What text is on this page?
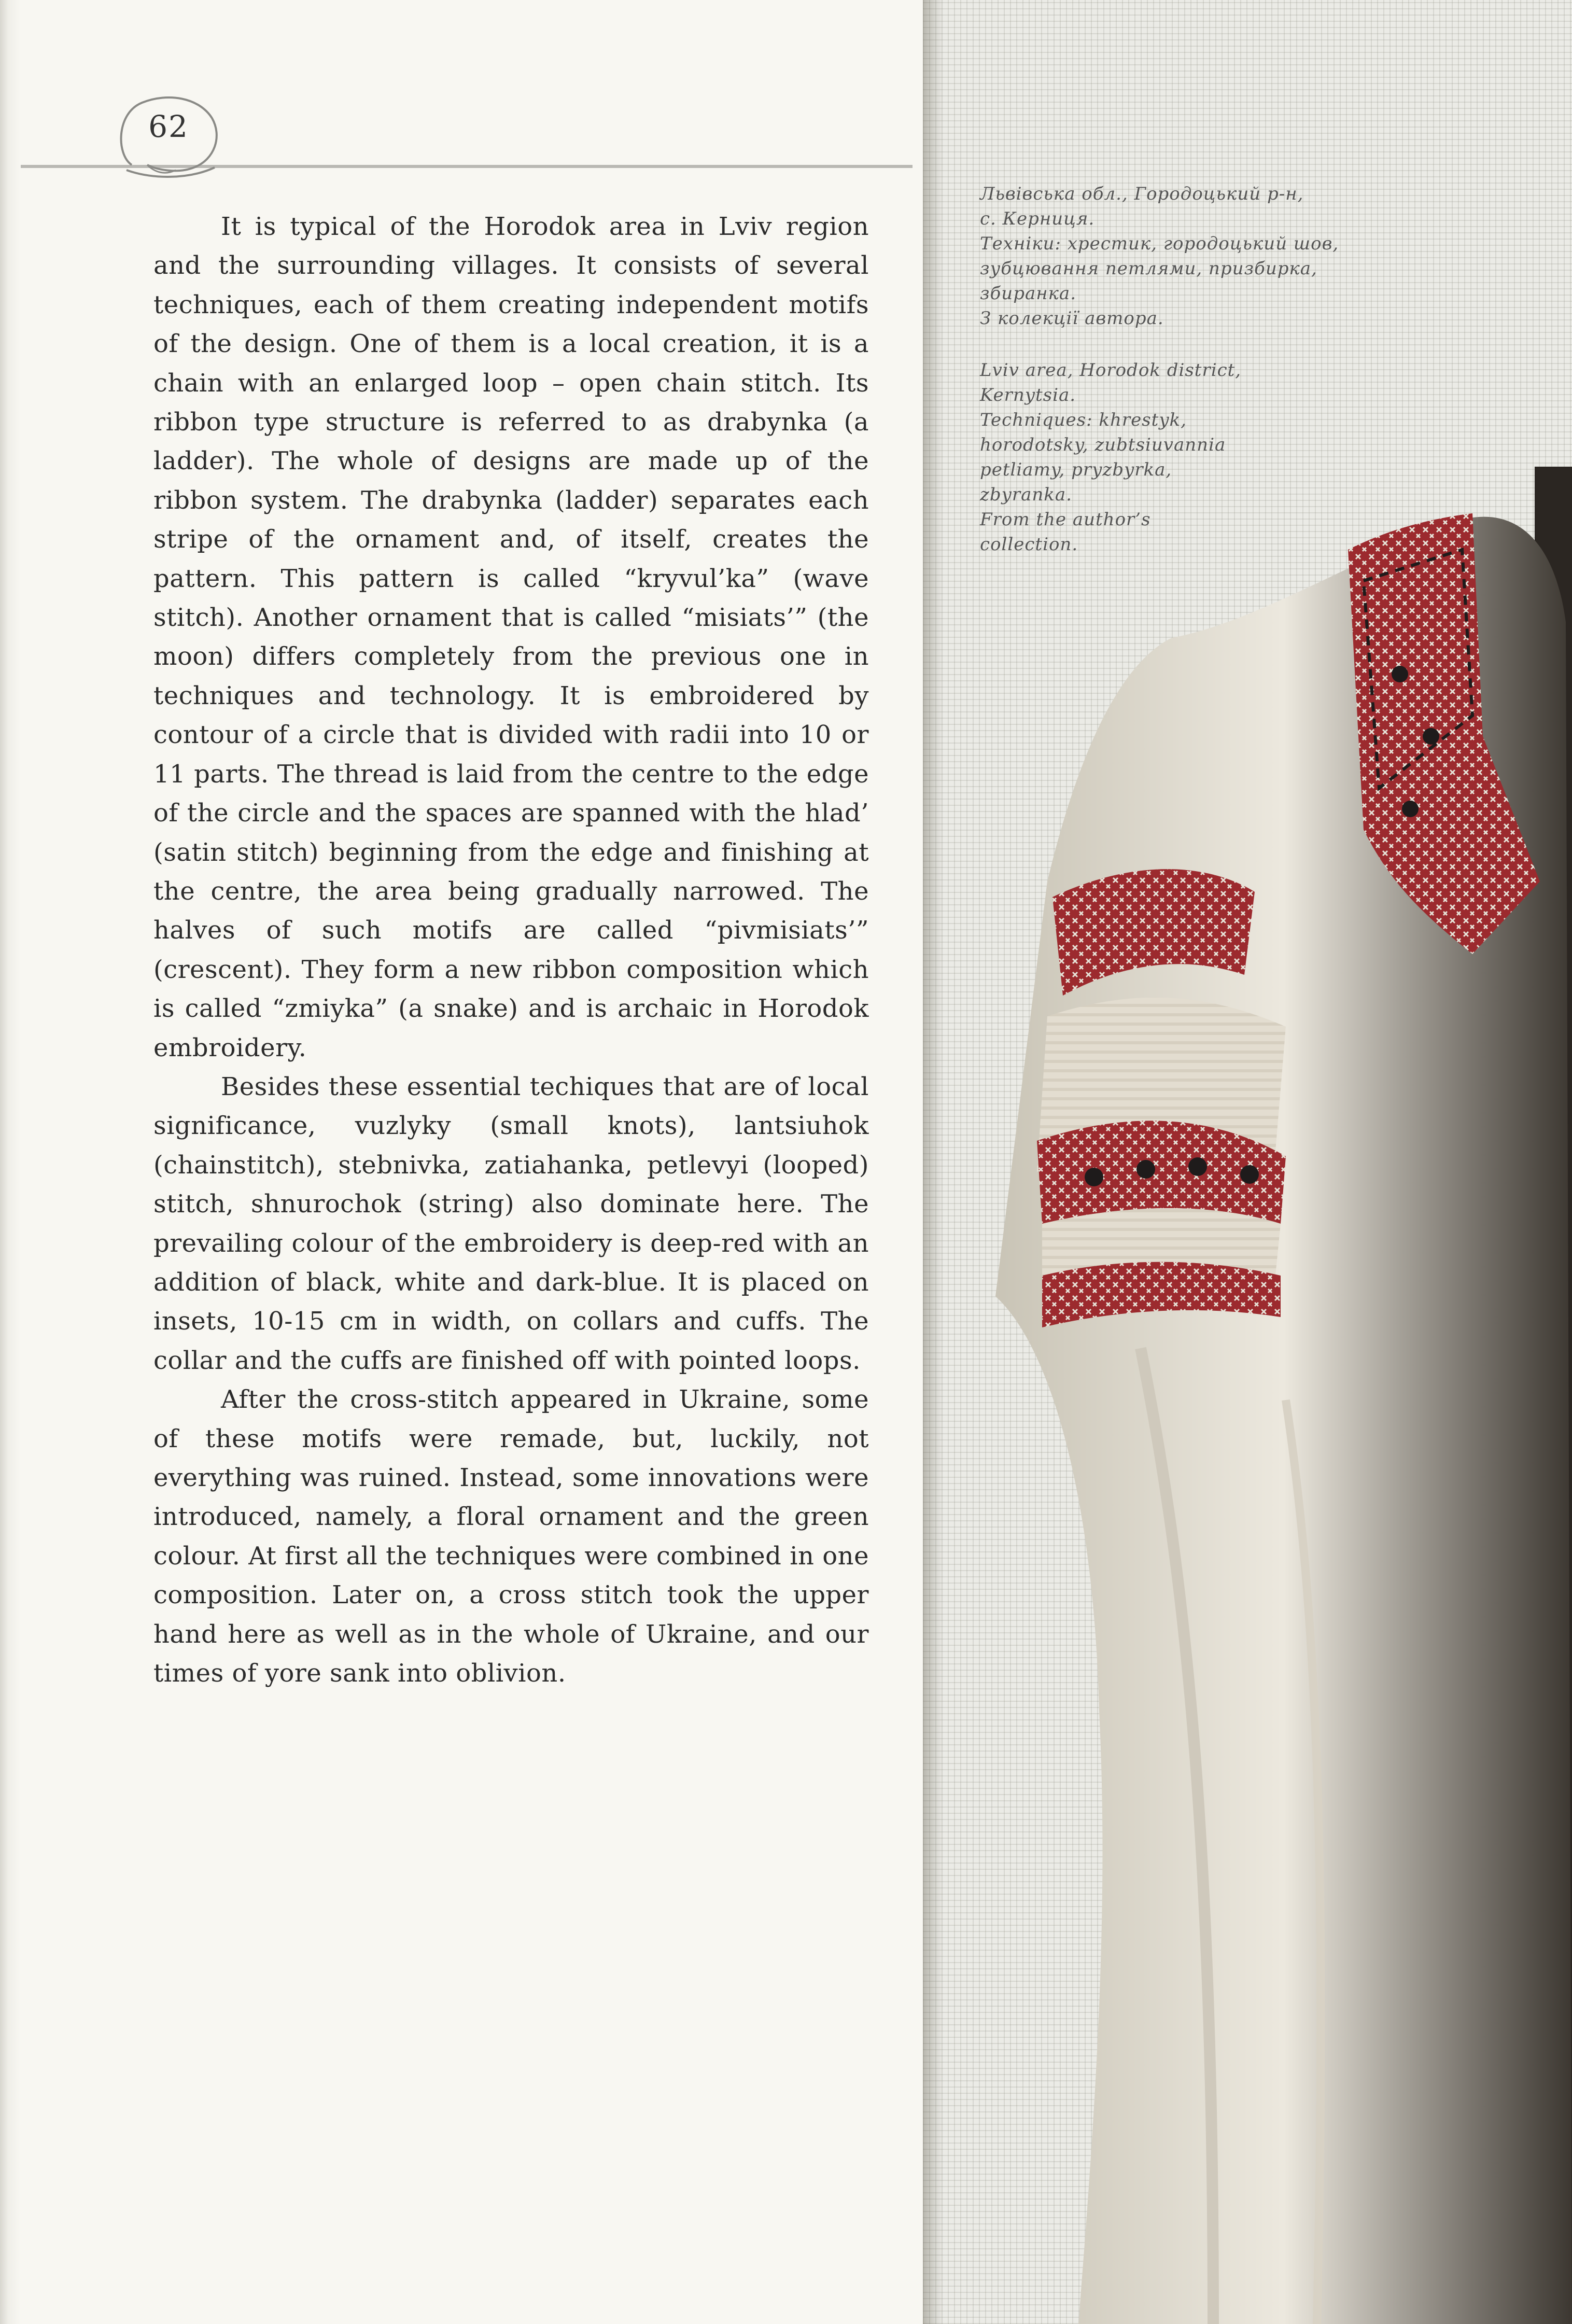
62

It is typical of the Horodok area in Lviv region and the surrounding villages. It consists of several techniques, each of them creating independent motifs of the design. One of them is a local creation, it is a chain with an enlarged loop – open chain stitch. Its ribbon type structure is referred to as drabynka (a ladder). The whole of designs are made up of the ribbon system. The drabynka (ladder) separates each stripe of the ornament and, of itself, creates the pattern. This pattern is called “kryvul’ka” (wave stitch). Another ornament that is called “misiats’” (the moon) differs completely from the previous one in techniques and technology. It is embroidered by contour of a circle that is divided with radii into 10 or 11 parts. The thread is laid from the centre to the edge of the circle and the spaces are spanned with the hlad’ (satin stitch) beginning from the edge and finishing at the centre, the area being gradually narrowed. The halves of such motifs are called “pivmisiats’” (crescent). They form a new ribbon composition which is called “zmiyka” (a snake) and is archaic in Horodok embroidery.

Besides these essential techiques that are of local significance, vuzlyky (small knots), lantsiuhok (chainstitch), stebnivka, zatiahanka, petlevyi (looped) stitch, shnurochok (string) also dominate here. The prevailing colour of the embroidery is deep-red with an addition of black, white and dark-blue. It is placed on insets, 10-15 cm in width, on collars and cuffs. The collar and the cuffs are finished off with pointed loops.

After the cross-stitch appeared in Ukraine, some of these motifs were remade, but, luckily, not everything was ruined. Instead, some innovations were introduced, namely, a floral ornament and the green colour. At first all the techniques were combined in one composition. Later on, a cross stitch took the upper hand here as well as in the whole of Ukraine, and our times of yore sank into oblivion.

Львівська обл., Городоцький р-н,
с. Керниця.
Техніки: хрестик, городоцький шов,
зубцювання петлями, призбирка,
збиранка.
З колекції автора.
Lviv area, Horodok district,
Kernytsia.
Techniques: khrestyk,
horodotsky, zubtsiuvannia
petliamy, pryzbyrka,
zbyranka.
From the author’s
collection.
